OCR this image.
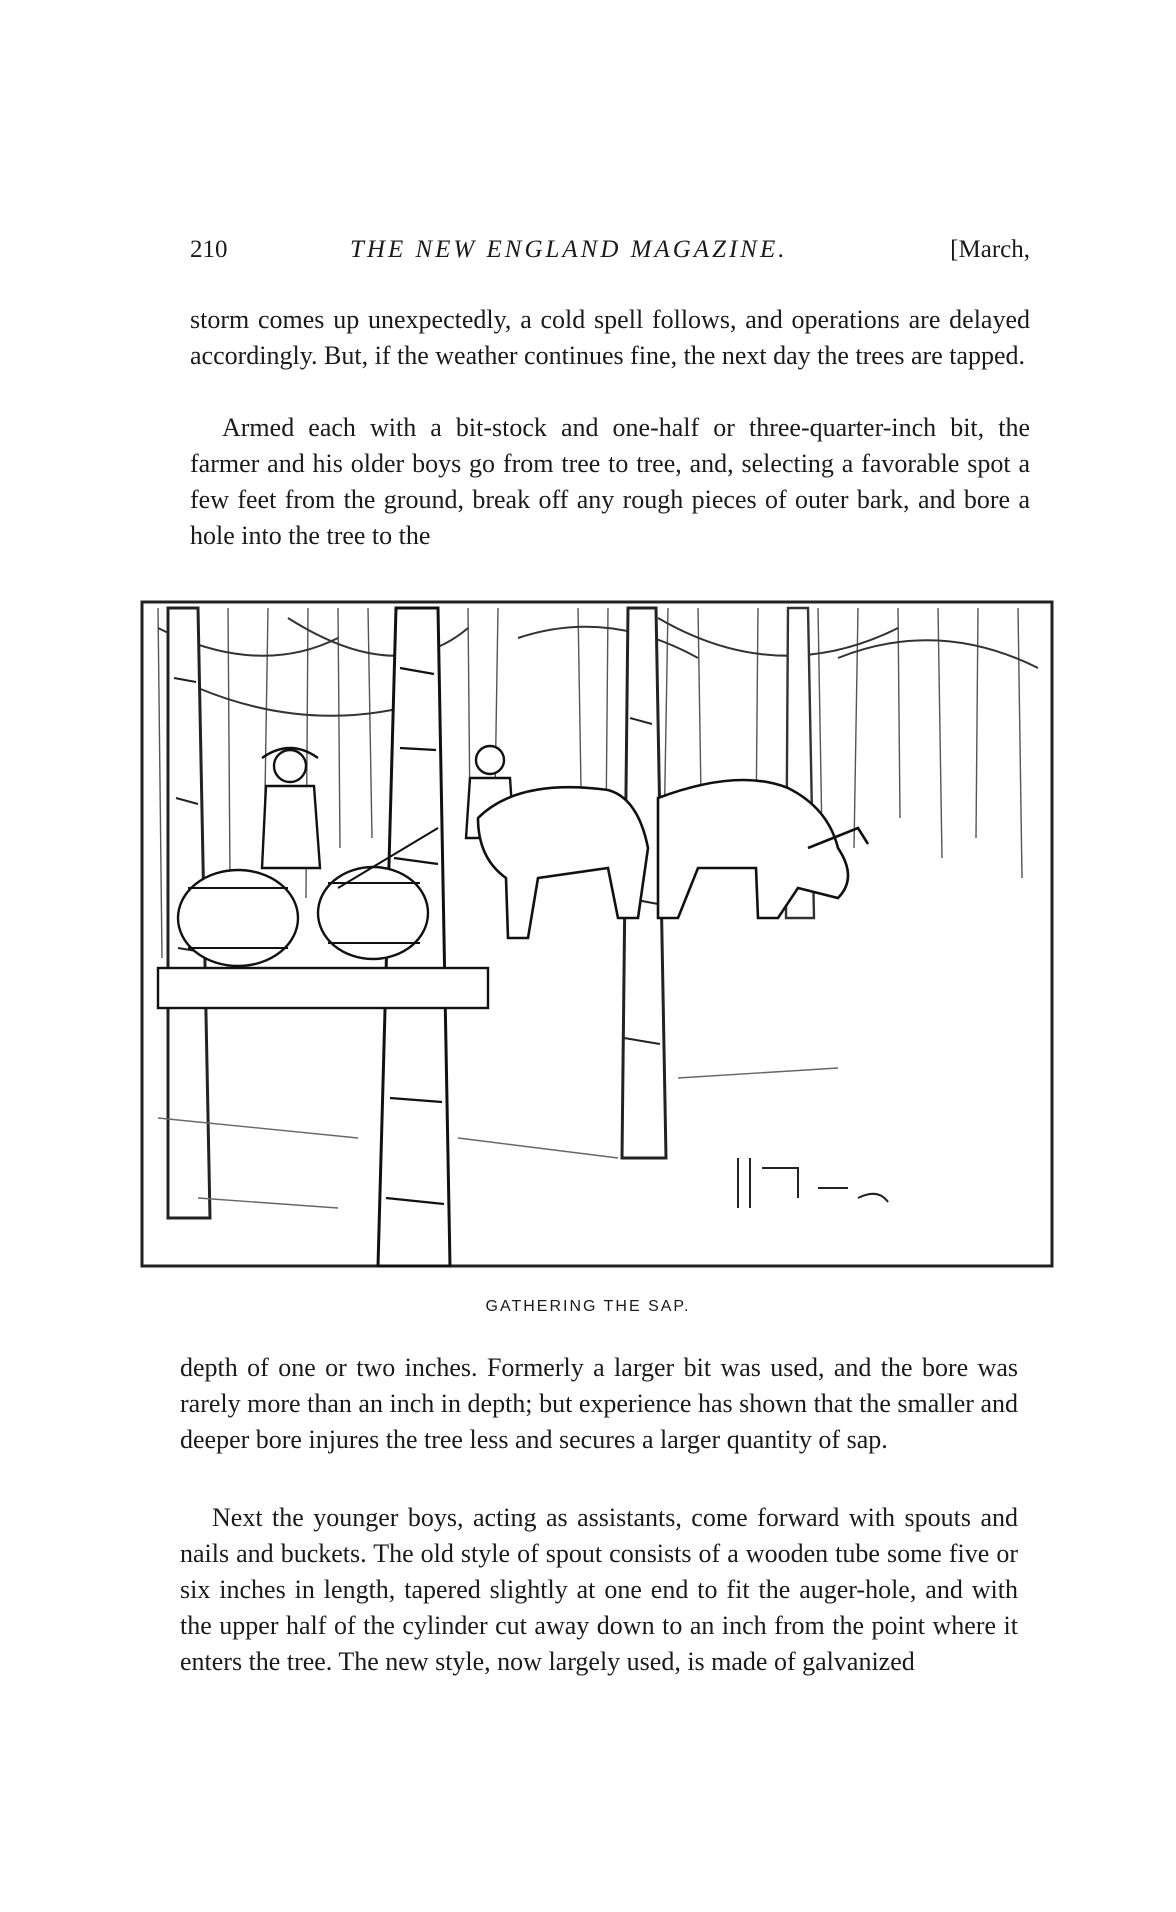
210	THE NEW ENGLAND MAGAZINE.	[March,

storm comes up unexpectedly, a cold spell follows, and operations are delayed accordingly. But, if the weather continues fine, the next day the trees are tapped.

Armed each with a bit-stock and one-half or three-quarter-inch bit, the farmer and his older boys go from tree to tree, and, selecting a favorable spot a few feet from the ground, break off any rough pieces of outer bark, and bore a hole into the tree to the

GATHERING THE SAP.

depth of one or two inches. Formerly a larger bit was used, and the bore was rarely more than an inch in depth; but experience has shown that the smaller and deeper bore injures the tree less and secures a larger quantity of sap.

Next the younger boys, acting as assistants, come forward with spouts and nails and buckets. The old style of spout consists of a wooden tube some five or six inches in length, tapered slightly at one end to fit the auger-hole, and with the upper half of the cylinder cut away down to an inch from the point where it enters the tree. The new style, now largely used, is made of galvanized
